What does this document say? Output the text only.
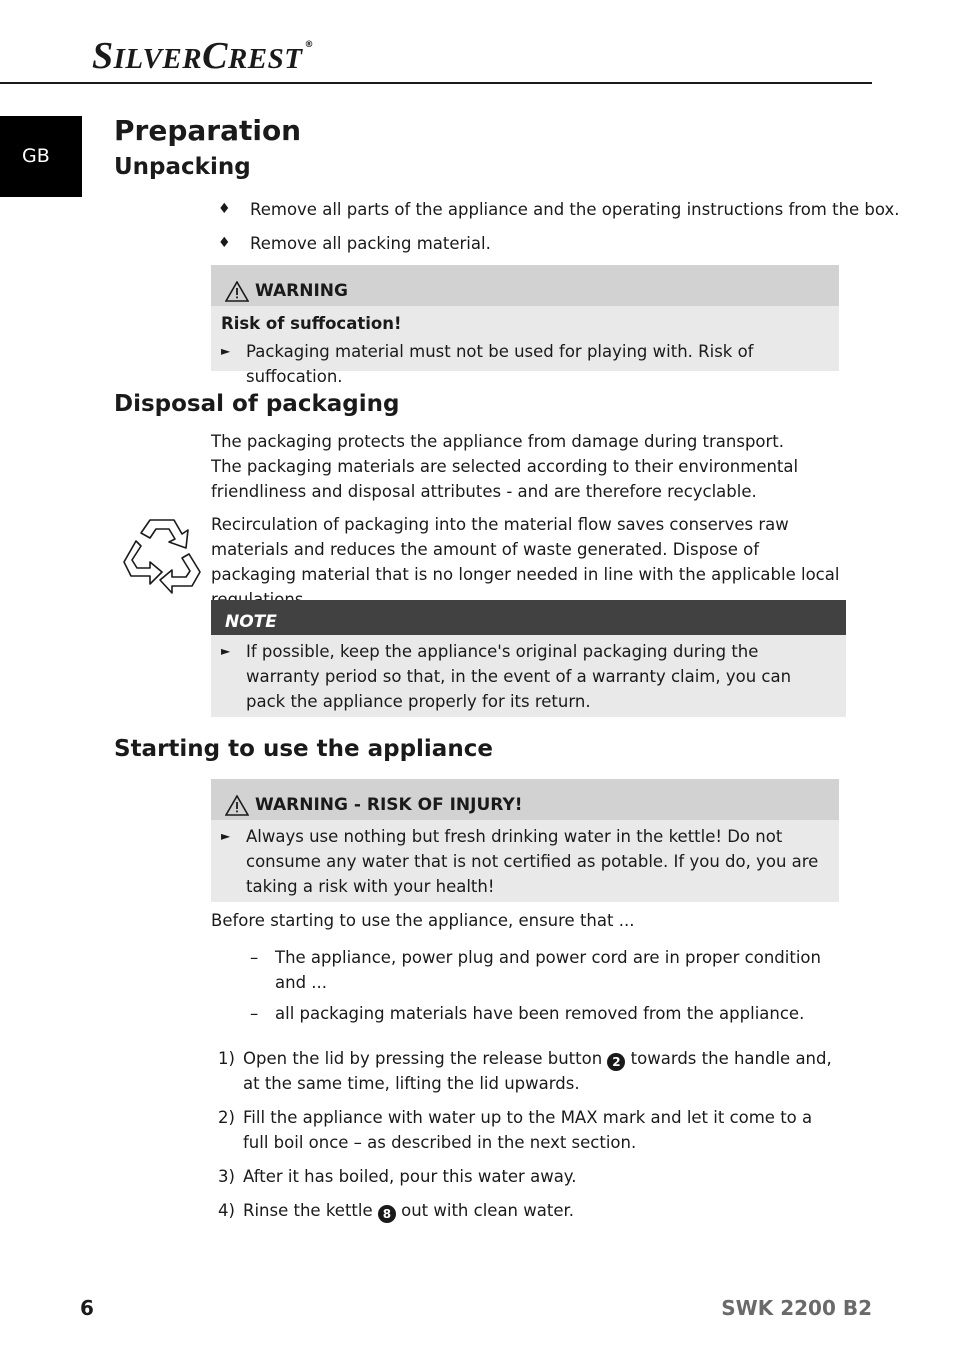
SILVERCREST ®
GB
Preparation
Unpacking
♦ Remove all parts of the appliance and the operating instructions from the box.
♦ Remove all packing material.
WARNING
Risk of suffocation!
► Packaging material must not be used for playing with. Risk of suffocation.
Disposal of packaging
The packaging protects the appliance from damage during transport.
The packaging materials are selected according to their environmental friendliness and disposal attributes - and are therefore recyclable.
Recirculation of packaging into the material flow saves conserves raw materials and reduces the amount of waste generated. Dispose of packaging material that is no longer needed in line with the applicable local
NOTE
► If possible, keep the appliance's original packaging during the warranty period so that, in the event of a warranty claim, you can pack the appliance properly for its return.
Starting to use the appliance
WARNING - RISK OF INJURY!
► Always use nothing but fresh drinking water in the kettle! Do not consume any water that is not certified as potable. If you do, you are taking a risk with your health!
Before starting to use the appliance, ensure that ...
– The appliance, power plug and power cord are in proper condition and ...
– all packaging materials have been removed from the appliance.
1) Open the lid by pressing the release button 2 towards the handle and, at the same time, lifting the lid upwards.
2) Fill the appliance with water up to the MAX mark and let it come to a full boil once – as described in the next section.
3) After it has boiled, pour this water away.
4) Rinse the kettle 8 out with clean water.
6	SWK 2200 B2
